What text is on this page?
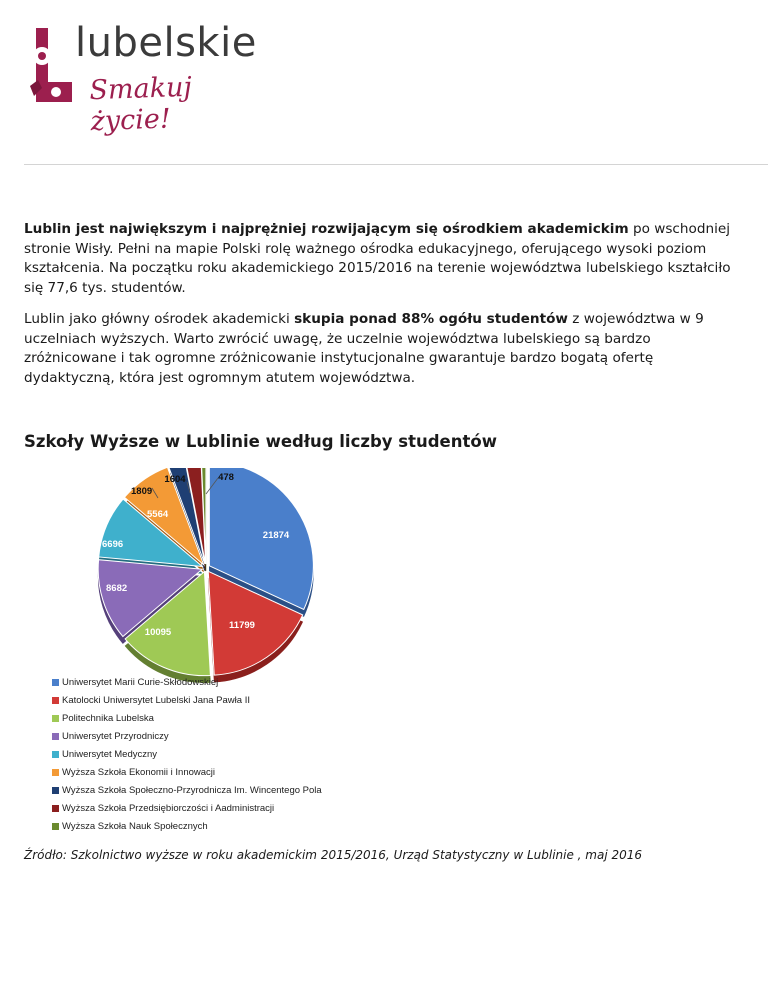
lubelskie
Smakuj życie!

Lublin jest największym i najprężniej rozwijającym się ośrodkiem akademickim po wschodniej stronie Wisły. Pełni na mapie Polski rolę ważnego ośrodka edukacyjnego, oferującego wysoki poziom kształcenia. Na początku roku akademickiego 2015/2016 na terenie województwa lubelskiego kształciło się 77,6 tys. studentów.

Lublin jako główny ośrodek akademicki skupia ponad 88% ogółu studentów z województwa w 9 uczelniach wyższych. Warto zwrócić uwagę, że uczelnie województwa lubelskiego są bardzo zróżnicowane i tak ogromne zróżnicowanie instytucjonalne gwarantuje bardzo bogatą ofertę dydaktyczną, która jest ogromnym atutem województwa.

Szkoły Wyższe w Lublinie według liczby studentów
21874
11799
10095
8682
6696
5564
1809
1604	478
Uniwersytet Marii Curie-Skłodowskiej
Katolocki Uniwersytet Lubelski Jana Pawła II
Politechnika Lubelska
Uniwersytet Przyrodniczy
Uniwersytet Medyczny
Wyższa Szkoła Ekonomii i Innowacji
Wyższa Szkoła Społeczno-Przyrodnicza Im. Wincentego Pola
Wyższa Szkoła Przedsiębiorczości i Aadministracji
Wyższa Szkoła Nauk Społecznych

Źródło: Szkolnictwo wyższe w roku akademickim 2015/2016, Urząd Statystyczny w Lublinie , maj 2016
